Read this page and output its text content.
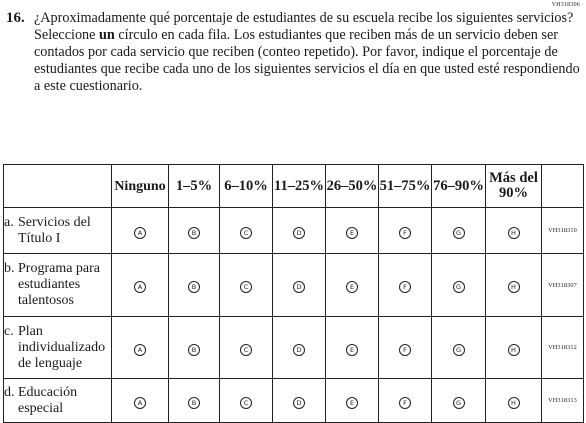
VH318306
16. ¿Aproximadamente qué porcentaje de estudiantes de su escuela recibe los siguientes servicios? Seleccione un círculo en cada fila. Los estudiantes que reciben más de un servicio deben ser contados por cada servicio que reciben (conteo repetido). Por favor, indique el porcentaje de estudiantes que recibe cada uno de los siguientes servicios el día en que usted esté respondiendo a este cuestionario.
	Ninguno	1–5%	6–10%	11–25%	26–50%	51–75%	76–90%	Más del 90%	

a. Servicios del Título I	A	B	C	D	E	F	G	H	VH318310

b. Programa para estudiantes talentosos	A	B	C	D	E	F	G	H	VH318307

c. Plan individualizado de lenguaje	A	B	C	D	E	F	G	H	VH318312

d. Educación especial	A	B	C	D	E	F	G	H	VH318313
